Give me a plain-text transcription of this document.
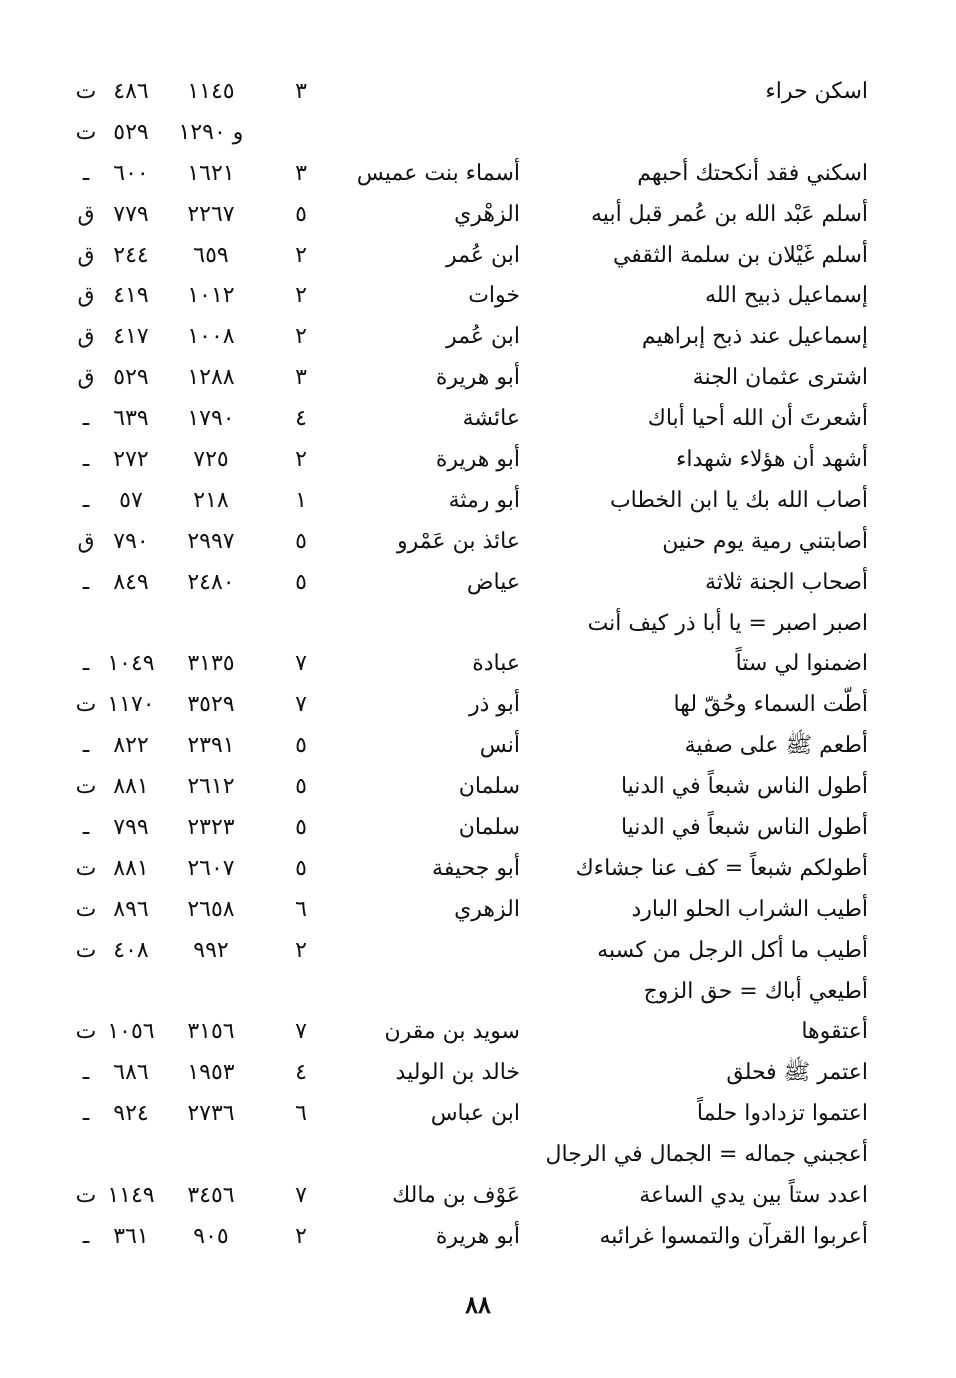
اسكن حراء
٣
١١٤٥
٤٨٦
ت
و ١٢٩٠
٥٢٩
ت
اسكني فقد أنكحتك أحبهم
أسماء بنت عميس
٣
١٦٢١
٦٠٠
ـ
أسلم عَبْد الله بن عُمر قبل أبيه
الزهْري
٥
٢٢٦٧
٧٧٩
ق
أسلم غَيْلان بن سلمة الثقفي
ابن عُمر
٢
٦٥٩
٢٤٤
ق
إسماعيل ذبيح الله
خوات
٢
١٠١٢
٤١٩
ق
إسماعيل عند ذبح إبراهيم
ابن عُمر
٢
١٠٠٨
٤١٧
ق
اشترى عثمان الجنة
أبو هريرة
٣
١٢٨٨
٥٢٩
ق
أشعرتَ أن الله أحيا أباك
عائشة
٤
١٧٩٠
٦٣٩
ـ
أشهد أن هؤلاء شهداء
أبو هريرة
٢
٧٢٥
٢٧٢
ـ
أصاب الله بك يا ابن الخطاب
أبو رمثة
١
٢١٨
٥٧
ـ
أصابتني رمية يوم حنين
عائذ بن عَمْرو
٥
٢٩٩٧
٧٩٠
ق
أصحاب الجنة ثلاثة
عياض
٥
٢٤٨٠
٨٤٩
ـ
اصبر اصبر = يا أبا ذر كيف أنت
اضمنوا لي ستاً
عبادة
٧
٣١٣٥
١٠٤٩
ـ
أطّت السماء وحُقّ لها
أبو ذر
٧
٣٥٢٩
١١٧٠
ت
أطعم ﷺ على صفية
أنس
٥
٢٣٩١
٨٢٢
ـ
أطول الناس شبعاً في الدنيا
سلمان
٥
٢٦١٢
٨٨١
ت
أطول الناس شبعاً في الدنيا
سلمان
٥
٢٣٢٣
٧٩٩
ـ
أطولكم شبعاً = كف عنا جشاءك
أبو جحيفة
٥
٢٦٠٧
٨٨١
ت
أطيب الشراب الحلو البارد
الزهري
٦
٢٦٥٨
٨٩٦
ت
أطيب ما أكل الرجل من كسبه
٢
٩٩٢
٤٠٨
ت
أطيعي أباك = حق الزوج
أعتقوها
سويد بن مقرن
٧
٣١٥٦
١٠٥٦
ت
اعتمر ﷺ فحلق
خالد بن الوليد
٤
١٩٥٣
٦٨٦
ـ
اعتموا تزدادوا حلماً
ابن عباس
٦
٢٧٣٦
٩٢٤
ـ
أعجبني جماله = الجمال في الرجال
اعدد ستاً بين يدي الساعة
عَوْف بن مالك
٧
٣٤٥٦
١١٤٩
ت
أعربوا القرآن والتمسوا غرائبه
أبو هريرة
٢
٩٠٥
٣٦١
ـ
٨٨
